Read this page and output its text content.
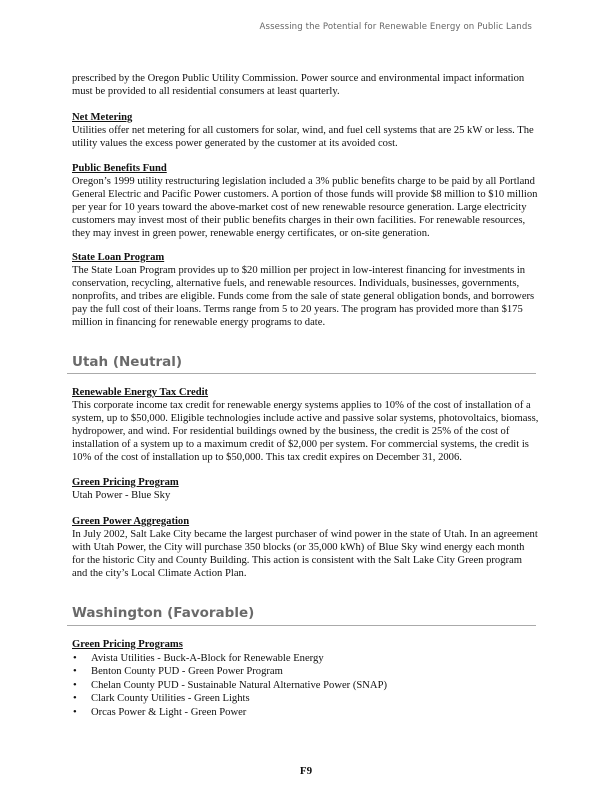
Assessing the Potential for Renewable Energy on Public Lands
prescribed by the Oregon Public Utility Commission. Power source and environmental impact information
must be provided to all residential consumers at least quarterly.
Net Metering
Utilities offer net metering for all customers for solar, wind, and fuel cell systems that are 25 kW or less. The
utility values the excess power generated by the customer at its avoided cost.
Public Benefits Fund
Oregon’s 1999 utility restructuring legislation included a 3% public benefits charge to be paid by all Portland
General Electric and Pacific Power customers. A portion of those funds will provide $8 million to $10 million
per year for 10 years toward the above-market cost of new renewable resource generation. Large electricity
customers may invest most of their public benefits charges in their own facilities. For renewable resources,
they may invest in green power, renewable energy certificates, or on-site generation.
State Loan Program
The State Loan Program provides up to $20 million per project in low-interest financing for investments in
conservation, recycling, alternative fuels, and renewable resources. Individuals, businesses, governments,
nonprofits, and tribes are eligible. Funds come from the sale of state general obligation bonds, and borrowers
pay the full cost of their loans. Terms range from 5 to 20 years. The program has provided more than $175
million in financing for renewable energy programs to date.
Utah (Neutral)
Renewable Energy Tax Credit
This corporate income tax credit for renewable energy systems applies to 10% of the cost of installation of a
system, up to $50,000. Eligible technologies include active and passive solar systems, photovoltaics, biomass,
hydropower, and wind. For residential buildings owned by the business, the credit is 25% of the cost of
installation of a system up to a maximum credit of $2,000 per system. For commercial systems, the credit is
10% of the cost of installation up to $50,000. This tax credit expires on December 31, 2006.
Green Pricing Program
Utah Power - Blue Sky
Green Power Aggregation
In July 2002, Salt Lake City became the largest purchaser of wind power in the state of Utah. In an agreement
with Utah Power, the City will purchase 350 blocks (or 35,000 kWh) of Blue Sky wind energy each month
for the historic City and County Building. This action is consistent with the Salt Lake City Green program
and the city’s Local Climate Action Plan.
Washington (Favorable)
Green Pricing Programs
•	Avista Utilities - Buck-A-Block for Renewable Energy
•	Benton County PUD - Green Power Program
•	Chelan County PUD - Sustainable Natural Alternative Power (SNAP)
•	Clark County Utilities - Green Lights
•	Orcas Power & Light - Green Power
F9
